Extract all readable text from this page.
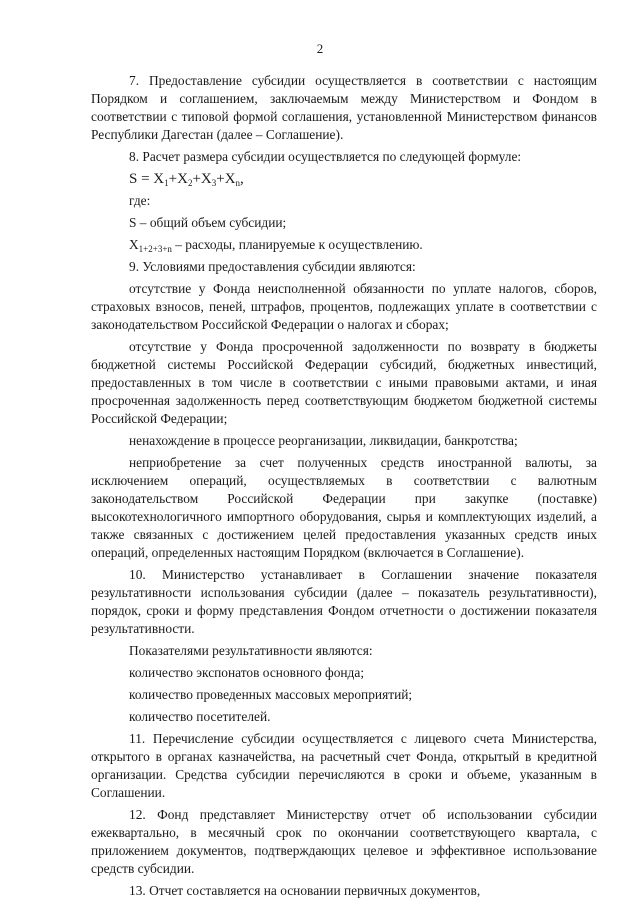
2

7. Предоставление субсидии осуществляется в соответствии с настоящим Порядком и соглашением, заключаемым между Министерством и Фондом в соответствии с типовой формой соглашения, установленной Министерством финансов Республики Дагестан (далее – Соглашение).

8. Расчет размера субсидии осуществляется по следующей формуле:

$S = X_1+X_2+X_3+X_n$,
где:
S – общий объем субсидии;
$X_{1+2+3+n}$ – расходы, планируемые к осуществлению.

9. Условиями предоставления субсидии являются:

отсутствие у Фонда неисполненной обязанности по уплате налогов, сборов, страховых взносов, пеней, штрафов, процентов, подлежащих уплате в соответствии с законодательством Российской Федерации о налогах и сборах;

отсутствие у Фонда просроченной задолженности по возврату в бюджеты бюджетной системы Российской Федерации субсидий, бюджетных инвестиций, предоставленных в том числе в соответствии с иными правовыми актами, и иная просроченная задолженность перед соответствующим бюджетом бюджетной системы Российской Федерации;

ненахождение в процессе реорганизации, ликвидации, банкротства;

неприобретение за счет полученных средств иностранной валюты, за исключением операций, осуществляемых в соответствии с валютным законодательством Российской Федерации при закупке (поставке) высокотехнологичного импортного оборудования, сырья и комплектующих изделий, а также связанных с достижением целей предоставления указанных средств иных операций, определенных настоящим Порядком (включается в Соглашение).

10. Министерство устанавливает в Соглашении значение показателя результативности использования субсидии (далее – показатель результативности), порядок, сроки и форму представления Фондом отчетности о достижении показателя результативности.

Показателями результативности являются:
количество экспонатов основного фонда;
количество проведенных массовых мероприятий;
количество посетителей.

11. Перечисление субсидии осуществляется с лицевого счета Министерства, открытого в органах казначейства, на расчетный счет Фонда, открытый в кредитной организации. Средства субсидии перечисляются в сроки и объеме, указанным в Соглашении.

12. Фонд представляет Министерству отчет об использовании субсидии ежеквартально, в месячный срок по окончании соответствующего квартала, с приложением документов, подтверждающих целевое и эффективное использование средств субсидии.

13. Отчет составляется на основании первичных документов,
